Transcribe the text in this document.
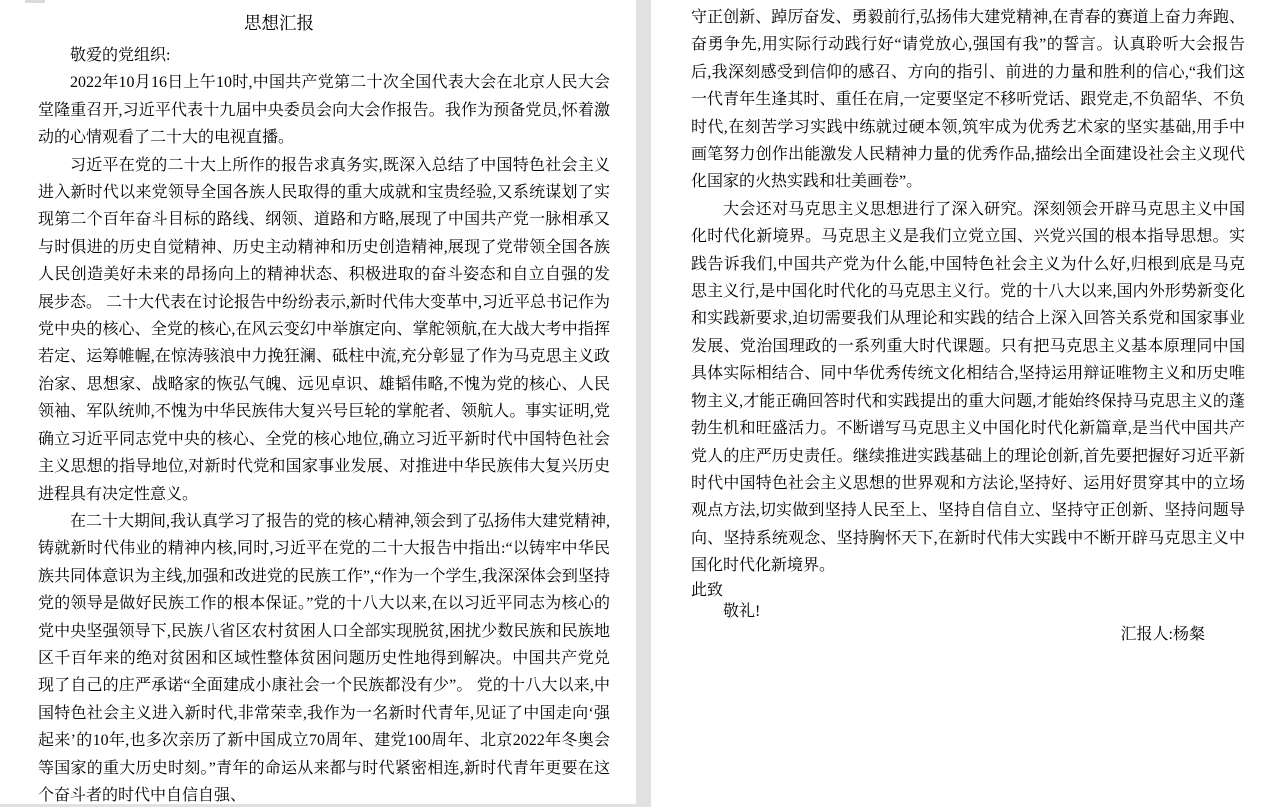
思想汇报

敬爱的党组织:

2022年10月16日上午10时,中国共产党第二十次全国代表大会在北京人民大会堂隆重召开,习近平代表十九届中央委员会向大会作报告。我作为预备党员,怀着激动的心情观看了二十大的电视直播。

习近平在党的二十大上所作的报告求真务实,既深入总结了中国特色社会主义进入新时代以来党领导全国各族人民取得的重大成就和宝贵经验,又系统谋划了实现第二个百年奋斗目标的路线、纲领、道路和方略,展现了中国共产党一脉相承又与时俱进的历史自觉精神、历史主动精神和历史创造精神,展现了党带领全国各族人民创造美好未来的昂扬向上的精神状态、积极进取的奋斗姿态和自立自强的发展步态。 二十大代表在讨论报告中纷纷表示,新时代伟大变革中,习近平总书记作为党中央的核心、全党的核心,在风云变幻中举旗定向、掌舵领航,在大战大考中指挥若定、运筹帷幄,在惊涛骇浪中力挽狂澜、砥柱中流,充分彰显了作为马克思主义政治家、思想家、战略家的恢弘气魄、远见卓识、雄韬伟略,不愧为党的核心、人民领袖、军队统帅,不愧为中华民族伟大复兴号巨轮的掌舵者、领航人。事实证明,党确立习近平同志党中央的核心、全党的核心地位,确立习近平新时代中国特色社会主义思想的指导地位,对新时代党和国家事业发展、对推进中华民族伟大复兴历史进程具有决定性意义。

在二十大期间,我认真学习了报告的党的核心精神,领会到了弘扬伟大建党精神,铸就新时代伟业的精神内核,同时,习近平在党的二十大报告中指出:“以铸牢中华民族共同体意识为主线,加强和改进党的民族工作”,“作为一个学生,我深深体会到坚持党的领导是做好民族工作的根本保证。”党的十八大以来,在以习近平同志为核心的党中央坚强领导下,民族八省区农村贫困人口全部实现脱贫,困扰少数民族和民族地区千百年来的绝对贫困和区域性整体贫困问题历史性地得到解决。中国共产党兑现了自己的庄严承诺“全面建成小康社会一个民族都没有少”。 党的十八大以来,中国特色社会主义进入新时代,非常荣幸,我作为一名新时代青年,见证了中国走向‘强起来’的10年,也多次亲历了新中国成立70周年、建党100周年、北京2022年冬奥会等国家的重大历史时刻。”青年的命运从来都与时代紧密相连,新时代青年更要在这个奋斗者的时代中自信自强、

守正创新、踔厉奋发、勇毅前行,弘扬伟大建党精神,在青春的赛道上奋力奔跑、奋勇争先,用实际行动践行好“请党放心,强国有我”的誓言。认真聆听大会报告后,我深刻感受到信仰的感召、方向的指引、前进的力量和胜利的信心,“我们这一代青年生逢其时、重任在肩,一定要坚定不移听党话、跟党走,不负韶华、不负时代,在刻苦学习实践中练就过硬本领,筑牢成为优秀艺术家的坚实基础,用手中画笔努力创作出能激发人民精神力量的优秀作品,描绘出全面建设社会主义现代化国家的火热实践和壮美画卷”。

大会还对马克思主义思想进行了深入研究。深刻领会开辟马克思主义中国化时代化新境界。马克思主义是我们立党立国、兴党兴国的根本指导思想。实践告诉我们,中国共产党为什么能,中国特色社会主义为什么好,归根到底是马克思主义行,是中国化时代化的马克思主义行。党的十八大以来,国内外形势新变化和实践新要求,迫切需要我们从理论和实践的结合上深入回答关系党和国家事业发展、党治国理政的一系列重大时代课题。只有把马克思主义基本原理同中国具体实际相结合、同中华优秀传统文化相结合,坚持运用辩证唯物主义和历史唯物主义,才能正确回答时代和实践提出的重大问题,才能始终保持马克思主义的蓬勃生机和旺盛活力。不断谱写马克思主义中国化时代化新篇章,是当代中国共产党人的庄严历史责任。继续推进实践基础上的理论创新,首先要把握好习近平新时代中国特色社会主义思想的世界观和方法论,坚持好、运用好贯穿其中的立场观点方法,切实做到坚持人民至上、坚持自信自立、坚持守正创新、坚持问题导向、坚持系统观念、坚持胸怀天下,在新时代伟大实践中不断开辟马克思主义中国化时代化新境界。

此致

敬礼!

汇报人:杨粲
